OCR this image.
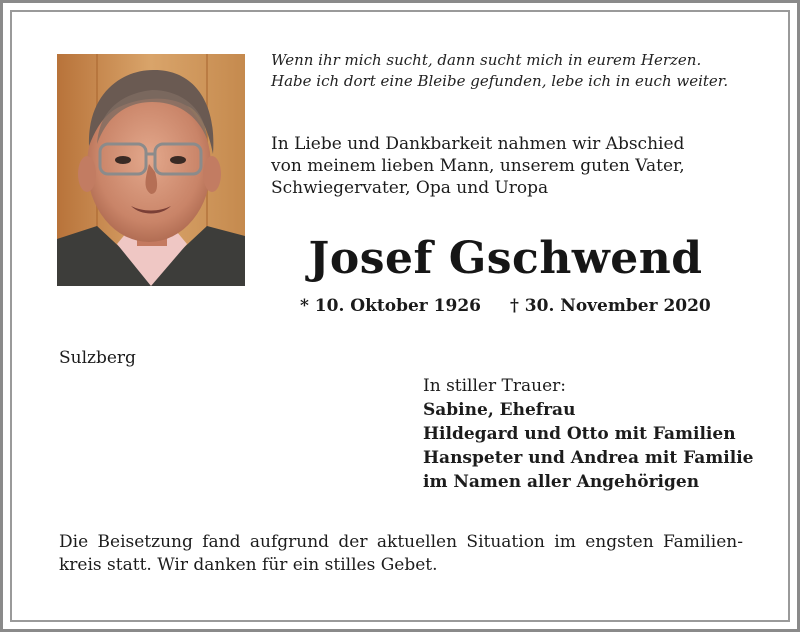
Wenn ihr mich sucht, dann sucht mich in eurem Herzen.
Habe ich dort eine Bleibe gefunden, lebe ich in euch weiter.
In Liebe und Dankbarkeit nahmen wir Abschied
von meinem lieben Mann, unserem guten Vater,
Schwiegervater, Opa und Uropa
Josef Gschwend
* 10. Oktober 1926 † 30. November 2020
Sulzberg
In stiller Trauer:
Sabine, Ehefrau
Hildegard und Otto mit Familien
Hanspeter und Andrea mit Familie
im Namen aller Angehörigen
Die Beisetzung fand aufgrund der aktuellen Situation im engsten Familien-
kreis statt. Wir danken für ein stilles Gebet.
